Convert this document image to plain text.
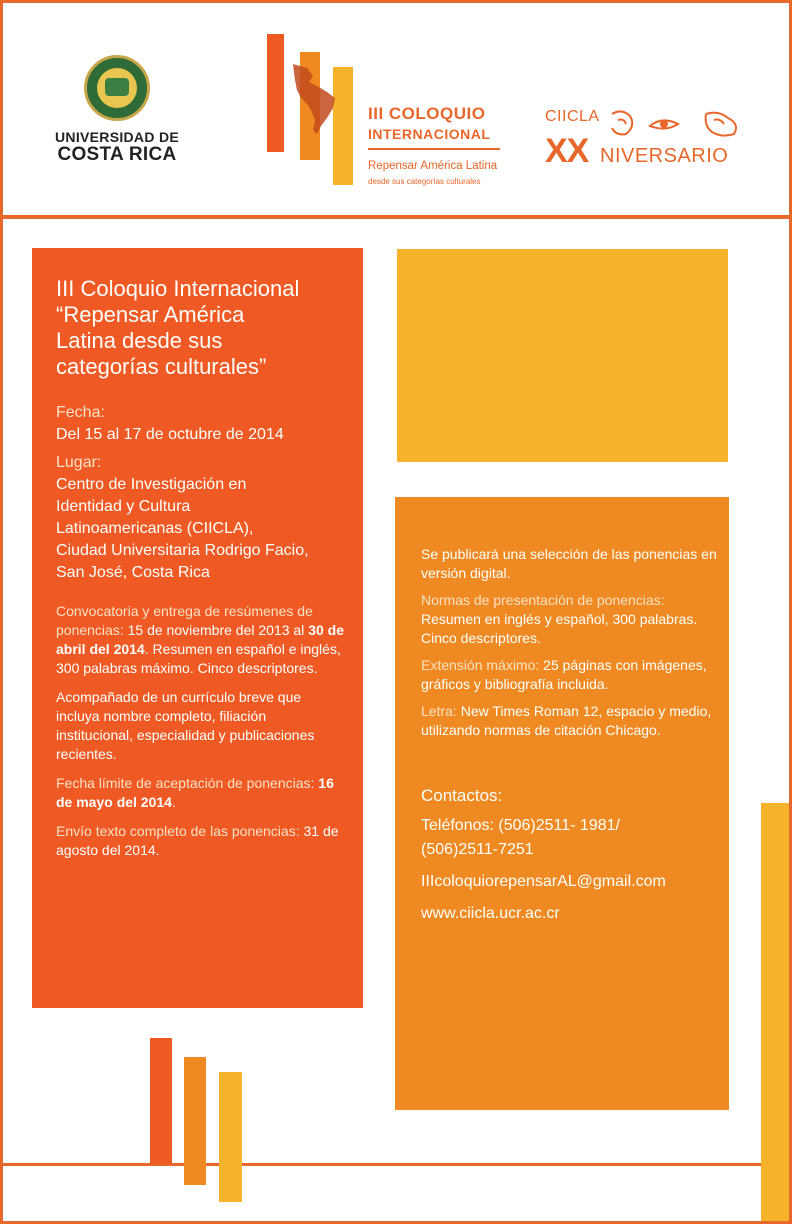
UNIVERSIDAD DE
COSTA RICA
III COLOQUIO
INTERNACIONAL
Repensar América Latina
desde sus categorías culturales
CIICLA
XX NIVERSARIO
III Coloquio Internacional
“Repensar América
Latina desde sus
categorías culturales”
Fecha:
Del 15 al 17 de octubre de 2014
Lugar:
Centro de Investigación en
Identidad y Cultura
Latinoamericanas (CIICLA),
Ciudad Universitaria Rodrigo Facio,
San José, Costa Rica
Convocatoria y entrega de resúmenes de ponencias: 15 de noviembre del 2013 al 30 de abril del 2014. Resumen en español e inglés, 300 palabras máximo. Cinco descriptores.
Acompañado de un currículo breve que incluya nombre completo, filiación institucional, especialidad y publicaciones recientes.
Fecha límite de aceptación de ponencias: 16 de mayo del 2014.
Envío texto completo de las ponencias: 31 de agosto del 2014.
Se publicará una selección de las ponencias en versión digital.
Normas de presentación de ponencias:
Resumen en inglés y español, 300 palabras.
Cinco descriptores.
Extensión máximo: 25 páginas con imágenes, gráficos y bibliografía incluida.
Letra: New Times Roman 12, espacio y medio, utilizando normas de citación Chicago.
Contactos:
Teléfonos: (506)2511- 1981/
(506)2511-7251
IIIcoloquiorepensarAL@gmail.com
www.ciicla.ucr.ac.cr
